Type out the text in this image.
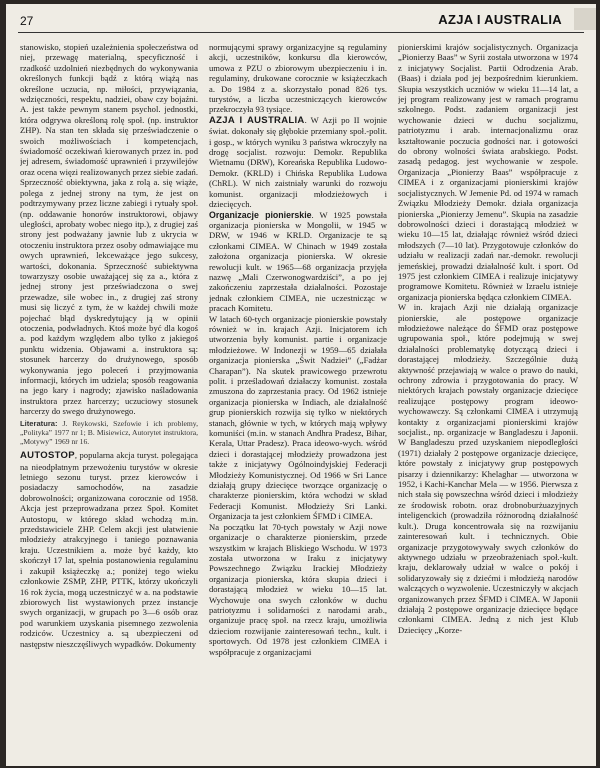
27	AZJA I AUSTRALIA

stanowisko, stopień uzależnienia społeczeństwa od niej, przewagę materialną, specyficzność i rzadkość uzdolnień niezbędnych do wykonywania określonych funkcji bądź z którą wiążą nas określone uczucia, np. miłości, przywiązania, wdzięczności, respektu, nadziei, obaw czy bojaźni. A. jest także pewnym stanem psychol. jednostki, która odgrywa określoną rolę społ. (np. instruktor ZHP). Na stan ten składa się przeświadczenie o swoich możliwościach i kompetencjach, świadomość oczekiwań kierowanych przez in. pod jej adresem, świadomość uprawnień i przywilejów oraz ocena więzi realizowanych przez siebie zadań. Sprzeczność obiektywna, jaka z rolą a. się wiąże, polega z jednej strony na tym, że jest on podtrzymywany przez liczne zabiegi i rytuały społ. (np. oddawanie honorów instruktorowi, objawy uległości, aprobaty wobec niego itp.), z drugiej zaś strony jest podważany jawnie lub z ukrycia w otoczeniu instruktora przez osoby odmawiające mu owych uprawnień, lekceważące jego sukcesy, wartości, dokonania. Sprzeczność subiektywna towarzyszy osobie uważającej się za a., która z jednej strony jest przeświadczona o swej przewadze, sile wobec in., z drugiej zaś strony musi się liczyć z tym, że w każdej chwili może pojechać błąd dyskredytujący ją w opinii otoczenia, podwładnych. Ktoś może być dla kogoś a. pod każdym względem albo tylko z jakiegoś punktu widzenia. Objawami a. instruktora są: stosunek harcerzy do drużynowego, sposób wykonywania jego poleceń i przyjmowania informacji, których im udziela; sposób reagowania na jego kary i nagrody; zjawisko naśladowania instruktora przez harcerzy; uczuciowy stosunek harcerzy do swego drużynowego.

Literatura: J. Reykowski, Szefowie i ich problemy, „Polityka” 1977 nr 1; B. Misiewicz, Autorytet instruktora, „Motywy” 1969 nr 16.

AUTOSTOP, popularna akcja turyst. polegająca na nieodpłatnym przewożeniu turystów w okresie letniego sezonu turyst. przez kierowców i posiadaczy samochodów, na zasadzie dobrowolności; organizowana corocznie od 1958. Akcja jest przeprowadzana przez Społ. Komitet Autostopu, w którego skład wchodzą m.in. przedstawiciele ZHP. Celem akcji jest ułatwienie młodzieży atrakcyjnego i taniego poznawania kraju. Uczestnikiem a. może być każdy, kto skończył 17 lat, spełnia postanowienia regulaminu i zakupił książeczkę a.; poniżej tego wieku członkowie ZSMP, ZHP, PTTK, którzy ukończyli 16 rok życia, mogą uczestniczyć w a. na podstawie zbiorowych list wystawionych przez instancje swych organizacji, w grupach po 3—6 osób oraz pod warunkiem uzyskania pisemnego zezwolenia rodziców. Uczestnicy a. są ubezpieczeni od następstw nieszczęśliwych wypadków. Dokumenty

normującymi sprawy organizacyjne są regulaminy akcji, uczestników, konkursu dla kierowców, umowa z PZU o zbiorowym ubezpieczeniu i in. regulaminy, drukowane corocznie w książeczkach a. Do 1984 z a. skorzystało ponad 826 tys. turystów, a liczba uczestniczących kierowców przekroczyła 93 tysiące.

AZJA I AUSTRALIA. W Azji po II wojnie świat. dokonały się głębokie przemiany społ.-polit. i gosp., w których wyniku 3 państwa wkroczyły na drogę socjalist. rozwoju: Demokr. Republika Wietnamu (DRW), Koreańska Republika Ludowo-Demokr. (KRLD) i Chińska Republika Ludowa (ChRL). W nich zaistniały warunki do rozwoju komunist. organizacji młodzieżowych i dziecięcych.

Organizacje pionierskie. W 1925 powstała organizacja pionierska w Mongolii, w 1945 w DRW, w 1946 w KRLD. Organizacje te są członkami CIMEA. W Chinach w 1949 została założona organizacja pionierska. W okresie rewolucji kult. w 1965—68 organizacja przyjęła nazwę „Mali Czerwonogwardziści”, a po jej zakończeniu zaprzestała działalności. Pozostaje jednak członkiem CIMEA, nie uczestnicząc w pracach Komitetu.

W latach 60-tych organizacje pionierskie powstały również w in. krajach Azji. Inicjatorem ich utworzenia były komunist. partie i organizacje młodzieżowe. W Indonezji w 1959—65 działała organizacja pionierska „Świt Nadziei” („Fadżar Charapan”). Na skutek prawicowego przewrotu polit. i prześladowań działaczy komunist. została zmuszona do zaprzestania pracy. Od 1962 istnieje organizacja pionierska w Indiach, ale działalność grup pionierskich rozwija się tylko w niektórych stanach, głównie w tych, w których mają wpływy komuniści (m.in. w stanach Andhra Pradesz, Bihar, Kerala, Uttar Pradesz). Praca ideowo-wych. wśród dzieci i dorastającej młodzieży prowadzona jest także z inicjatywy Ogólnoindyjskiej Federacji Młodzieży Komunistycznej. Od 1966 w Sri Lance działają grupy dziecięce tworzące organizację o charakterze pionierskim, która wchodzi w skład Federacji Komunist. Młodzieży Sri Lanki. Organizacja ta jest członkiem ŚFMD i CIMEA.

Na początku lat 70-tych powstały w Azji nowe organizacje o charakterze pionierskim, przede wszystkim w krajach Bliskiego Wschodu. W 1973 została utworzona w Iraku z inicjatywy Powszechnego Związku Irackiej Młodzieży organizacja pionierska, która skupia dzieci i dorastającą młodzież w wieku 10—15 lat. Wychowuje ona swych członków w duchu patriotyzmu i solidarności z narodami arab., organizuje pracę społ. na rzecz kraju, umożliwia dzieciom rozwijanie zainteresowań techn., kult. i sportowych. Od 1978 jest członkiem CIMEA i współpracuje z organizacjami

pionierskimi krajów socjalistycznych. Organizacja „Pionierzy Baas” w Syrii została utworzona w 1974 z inicjatywy Socjalist. Partii Odrodzenia Arab. (Baas) i działa pod jej bezpośrednim kierunkiem. Skupia wszystkich uczniów w wieku 11—14 lat, a jej program realizowany jest w ramach programu szkolnego. Podst. zadaniem organizacji jest wychowanie dzieci w duchu socjalizmu, patriotyzmu i arab. internacjonalizmu oraz kształtowanie poczucia godności nar. i gotowości do obrony wolności świata arabskiego. Podst. zasadą pedagog. jest wychowanie w zespole. Organizacja „Pionierzy Baas” współpracuje z CIMEA i z organizacjami pionierskimi krajów socjalistycznych. W Jemenie Pd. od 1974 w ramach Związku Młodzieży Demokr. działa organizacja pionierska „Pionierzy Jemenu”. Skupia na zasadzie dobrowolności dzieci i dorastającą młodzież w wieku 10—15 lat, działając również wśród dzieci młodszych (7—10 lat). Przygotowuje członków do udziału w realizacji zadań nar.-demokr. rewolucji jemeńskiej, prowadzi działalność kult. i sport. Od 1975 jest członkiem CIMEA i realizuje inicjatywy programowe Komitetu. Również w Izraelu istnieje organizacja pionierska będąca członkiem CIMEA.

W in. krajach Azji nie działają organizacje pionierskie, ale postępowe organizacje młodzieżowe należące do ŚFMD oraz postępowe ugrupowania społ., które podejmują w swej działalności problematykę dotyczącą dzieci i dorastającej młodzieży. Szczególnie dużą aktywność przejawiają w walce o prawo do nauki, ochrony zdrowia i przygotowania do pracy. W niektórych krajach powstały organizacje dziecięce realizujące postępowy program ideowo-wychowawczy. Są członkami CIMEA i utrzymują kontakty z organizacjami pionierskimi krajów socjalist., np. organizacje w Bangladeszu i Japonii. W Bangladeszu przed uzyskaniem niepodległości (1971) działały 2 postępowe organizacje dziecięce, które powstały z inicjatywy grup postępowych pisarzy i dziennikarzy: Khelaghar — utworzona w 1952, i Kachi-Kanchar Mela — w 1956. Pierwsza z nich stała się powszechna wśród dzieci i młodzieży ze środowisk robotn. oraz drobnoburżuazyjnych inteligenckich (prowadziła różnorodną działalność kult.). Druga koncentrowała się na rozwijaniu zainteresowań kult. i technicznych. Obie organizacje przygotowywały swych członków do aktywnego udziału w przeobrażeniach społ.-kult. kraju, deklarowały udział w walce o pokój i solidaryzowały się z dziećmi i młodzieżą narodów walczących o wyzwolenie. Uczestniczyły w akcjach organizowanych przez ŚFMD i CIMEA. W Japonii działają 2 postępowe organizacje dziecięce będące członkami CIMEA. Jedną z nich jest Klub Dziecięcy „Korze-
